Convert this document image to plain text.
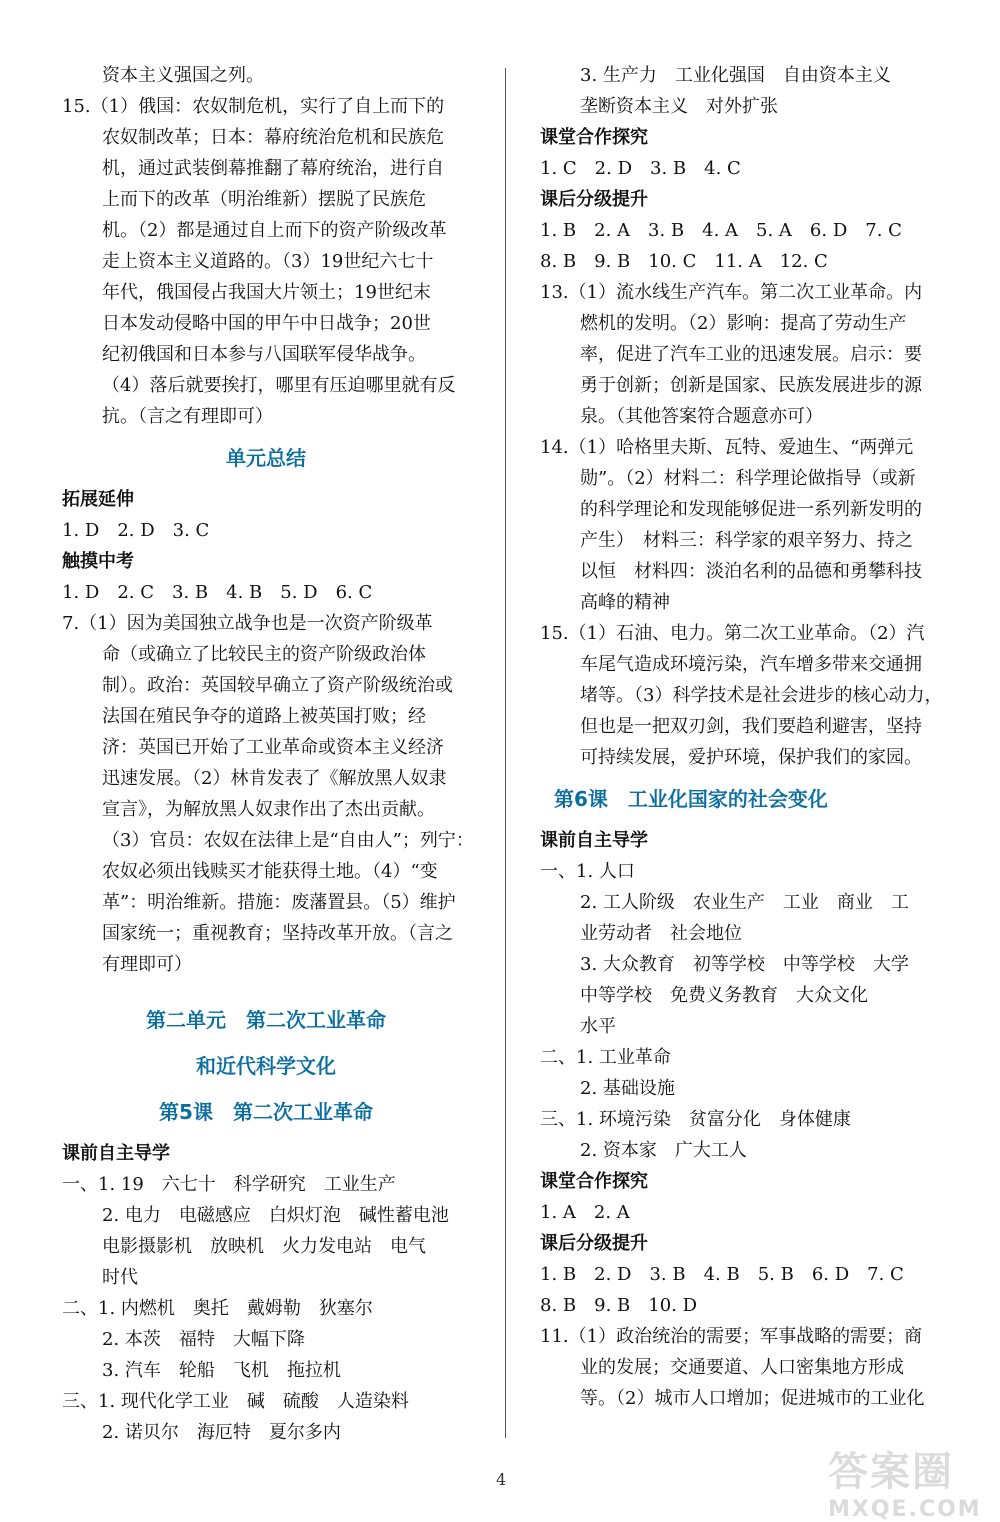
资本主义强国之列。
15.（1）俄国：农奴制危机，实行了自上而下的
农奴制改革；日本：幕府统治危机和民族危
机，通过武装倒幕推翻了幕府统治，进行自
上而下的改革（明治维新）摆脱了民族危
机。（2）都是通过自上而下的资产阶级改革
走上资本主义道路的。（3）19世纪六七十
年代，俄国侵占我国大片领土；19世纪末
日本发动侵略中国的甲午中日战争；20世
纪初俄国和日本参与八国联军侵华战争。
（4）落后就要挨打，哪里有压迫哪里就有反
抗。（言之有理即可）
单元总结
拓展延伸
1. D　2. D　3. C
触摸中考
1. D　2. C　3. B　4. B　5. D　6. C
7.（1）因为美国独立战争也是一次资产阶级革
命（或确立了比较民主的资产阶级政治体
制）。政治：英国较早确立了资产阶级统治或
法国在殖民争夺的道路上被英国打败；经
济：英国已开始了工业革命或资本主义经济
迅速发展。（2）林肯发表了《解放黑人奴隶
宣言》，为解放黑人奴隶作出了杰出贡献。
（3）官员：农奴在法律上是“自由人”；列宁：
农奴必须出钱赎买才能获得土地。（4）“变
革”：明治维新。措施：废藩置县。（5）维护
国家统一；重视教育；坚持改革开放。（言之
有理即可）
第二单元　第二次工业革命
和近代科学文化
第5课　第二次工业革命
课前自主导学
一、1. 19　六七十　科学研究　工业生产
2. 电力　电磁感应　白炽灯泡　碱性蓄电池
电影摄影机　放映机　火力发电站　电气
时代
二、1. 内燃机　奥托　戴姆勒　狄塞尔
2. 本茨　福特　大幅下降
3. 汽车　轮船　飞机　拖拉机
三、1. 现代化学工业　碱　硫酸　人造染料
2. 诺贝尔　海厄特　夏尔多内
3. 生产力　工业化强国　自由资本主义
垄断资本主义　对外扩张
课堂合作探究
1. C　2. D　3. B　4. C
课后分级提升
1. B　2. A　3. B　4. A　5. A　6. D　7. C
8. B　9. B　10. C　11. A　12. C
13.（1）流水线生产汽车。第二次工业革命。内
燃机的发明。（2）影响：提高了劳动生产
率，促进了汽车工业的迅速发展。启示：要
勇于创新；创新是国家、民族发展进步的源
泉。（其他答案符合题意亦可）
14.（1）哈格里夫斯、瓦特、爱迪生、“两弹元
勋”。（2）材料二：科学理论做指导（或新
的科学理论和发现能够促进一系列新发明的
产生）　材料三：科学家的艰辛努力、持之
以恒　材料四：淡泊名利的品德和勇攀科技
高峰的精神
15.（1）石油、电力。第二次工业革命。（2）汽
车尾气造成环境污染，汽车增多带来交通拥
堵等。（3）科学技术是社会进步的核心动力，
但也是一把双刃剑，我们要趋利避害，坚持
可持续发展，爱护环境，保护我们的家园。
第6课　工业化国家的社会变化
课前自主导学
一、1. 人口
2. 工人阶级　农业生产　工业　商业　工
业劳动者　社会地位
3. 大众教育　初等学校　中等学校　大学
中等学校　免费义务教育　大众文化
水平
二、1. 工业革命
2. 基础设施
三、1. 环境污染　贫富分化　身体健康
2. 资本家　广大工人
课堂合作探究
1. A　2. A
课后分级提升
1. B　2. D　3. B　4. B　5. B　6. D　7. C
8. B　9. B　10. D
11.（1）政治统治的需要；军事战略的需要；商
业的发展；交通要道、人口密集地方形成
等。（2）城市人口增加；促进城市的工业化
4	答案圈
MXQE.COM
